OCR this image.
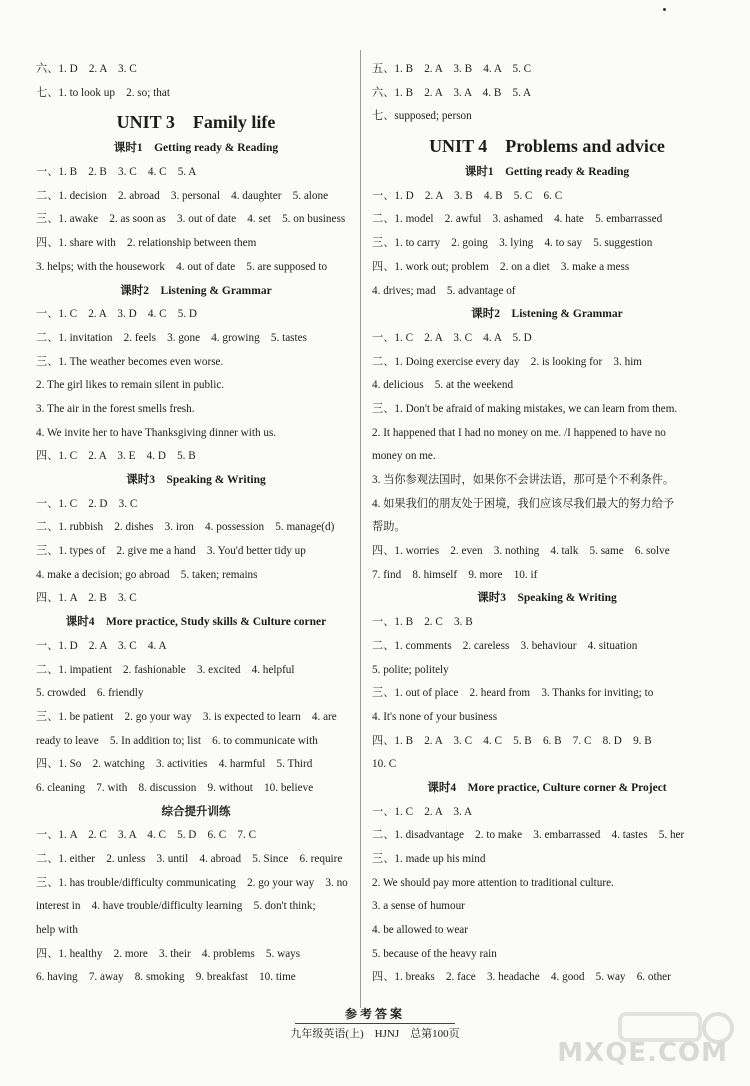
六、1. D　2. A　3. C
七、1. to look up　2. so; that
UNIT 3　Family life
课时1　Getting ready & Reading
一、1. B　2. B　3. C　4. C　5. A
二、1. decision　2. abroad　3. personal　4. daughter　5. alone
三、1. awake　2. as soon as　3. out of date　4. set　5. on business
四、1. share with　2. relationship between them
3. helps; with the housework　4. out of date　5. are supposed to
课时2　Listening & Grammar
一、1. C　2. A　3. D　4. C　5. D
二、1. invitation　2. feels　3. gone　4. growing　5. tastes
三、1. The weather becomes even worse.
2. The girl likes to remain silent in public.
3. The air in the forest smells fresh.
4. We invite her to have Thanksgiving dinner with us.
四、1. C　2. A　3. E　4. D　5. B
课时3　Speaking & Writing
一、1. C　2. D　3. C
二、1. rubbish　2. dishes　3. iron　4. possession　5. manage(d)
三、1. types of　2. give me a hand　3. You'd better tidy up
4. make a decision; go abroad　5. taken; remains
四、1. A　2. B　3. C
课时4　More practice, Study skills & Culture corner
一、1. D　2. A　3. C　4. A
二、1. impatient　2. fashionable　3. excited　4. helpful
5. crowded　6. friendly
三、1. be patient　2. go your way　3. is expected to learn　4. are
ready to leave　5. In addition to; list　6. to communicate with
四、1. So　2. watching　3. activities　4. harmful　5. Third
6. cleaning　7. with　8. discussion　9. without　10. believe
综合提升训练
一、1. A　2. C　3. A　4. C　5. D　6. C　7. C
二、1. either　2. unless　3. until　4. abroad　5. Since　6. require
三、1. has trouble/difficulty communicating　2. go your way　3. no
interest in　4. have trouble/difficulty learning　5. don't think;
help with
四、1. healthy　2. more　3. their　4. problems　5. ways
6. having　7. away　8. smoking　9. breakfast　10. time
五、1. B　2. A　3. B　4. A　5. C
六、1. B　2. A　3. A　4. B　5. A
七、supposed; person
UNIT 4　Problems and advice
课时1　Getting ready & Reading
一、1. D　2. A　3. B　4. B　5. C　6. C
二、1. model　2. awful　3. ashamed　4. hate　5. embarrassed
三、1. to carry　2. going　3. lying　4. to say　5. suggestion
四、1. work out; problem　2. on a diet　3. make a mess
4. drives; mad　5. advantage of
课时2　Listening & Grammar
一、1. C　2. A　3. C　4. A　5. D
二、1. Doing exercise every day　2. is looking for　3. him
4. delicious　5. at the weekend
三、1. Don't be afraid of making mistakes, we can learn from them.
2. It happened that I had no money on me. /I happened to have no
money on me.
3. 当你参观法国时，如果你不会讲法语，那可是个不利条件。
4. 如果我们的朋友处于困境，我们应该尽我们最大的努力给予
帮助。
四、1. worries　2. even　3. nothing　4. talk　5. same　6. solve
7. find　8. himself　9. more　10. if
课时3　Speaking & Writing
一、1. B　2. C　3. B
二、1. comments　2. careless　3. behaviour　4. situation
5. polite; politely
三、1. out of place　2. heard from　3. Thanks for inviting; to
4. It's none of your business
四、1. B　2. A　3. C　4. C　5. B　6. B　7. C　8. D　9. B
10. C
课时4　More practice, Culture corner & Project
一、1. C　2. A　3. A
二、1. disadvantage　2. to make　3. embarrassed　4. tastes　5. her
三、1. made up his mind
2. We should pay more attention to traditional culture.
3. a sense of humour
4. be allowed to wear
5. because of the heavy rain
四、1. breaks　2. face　3. headache　4. good　5. way　6. other
参考答案
九年级英语(上)　HJNJ　总第100页
MXQE.COM
